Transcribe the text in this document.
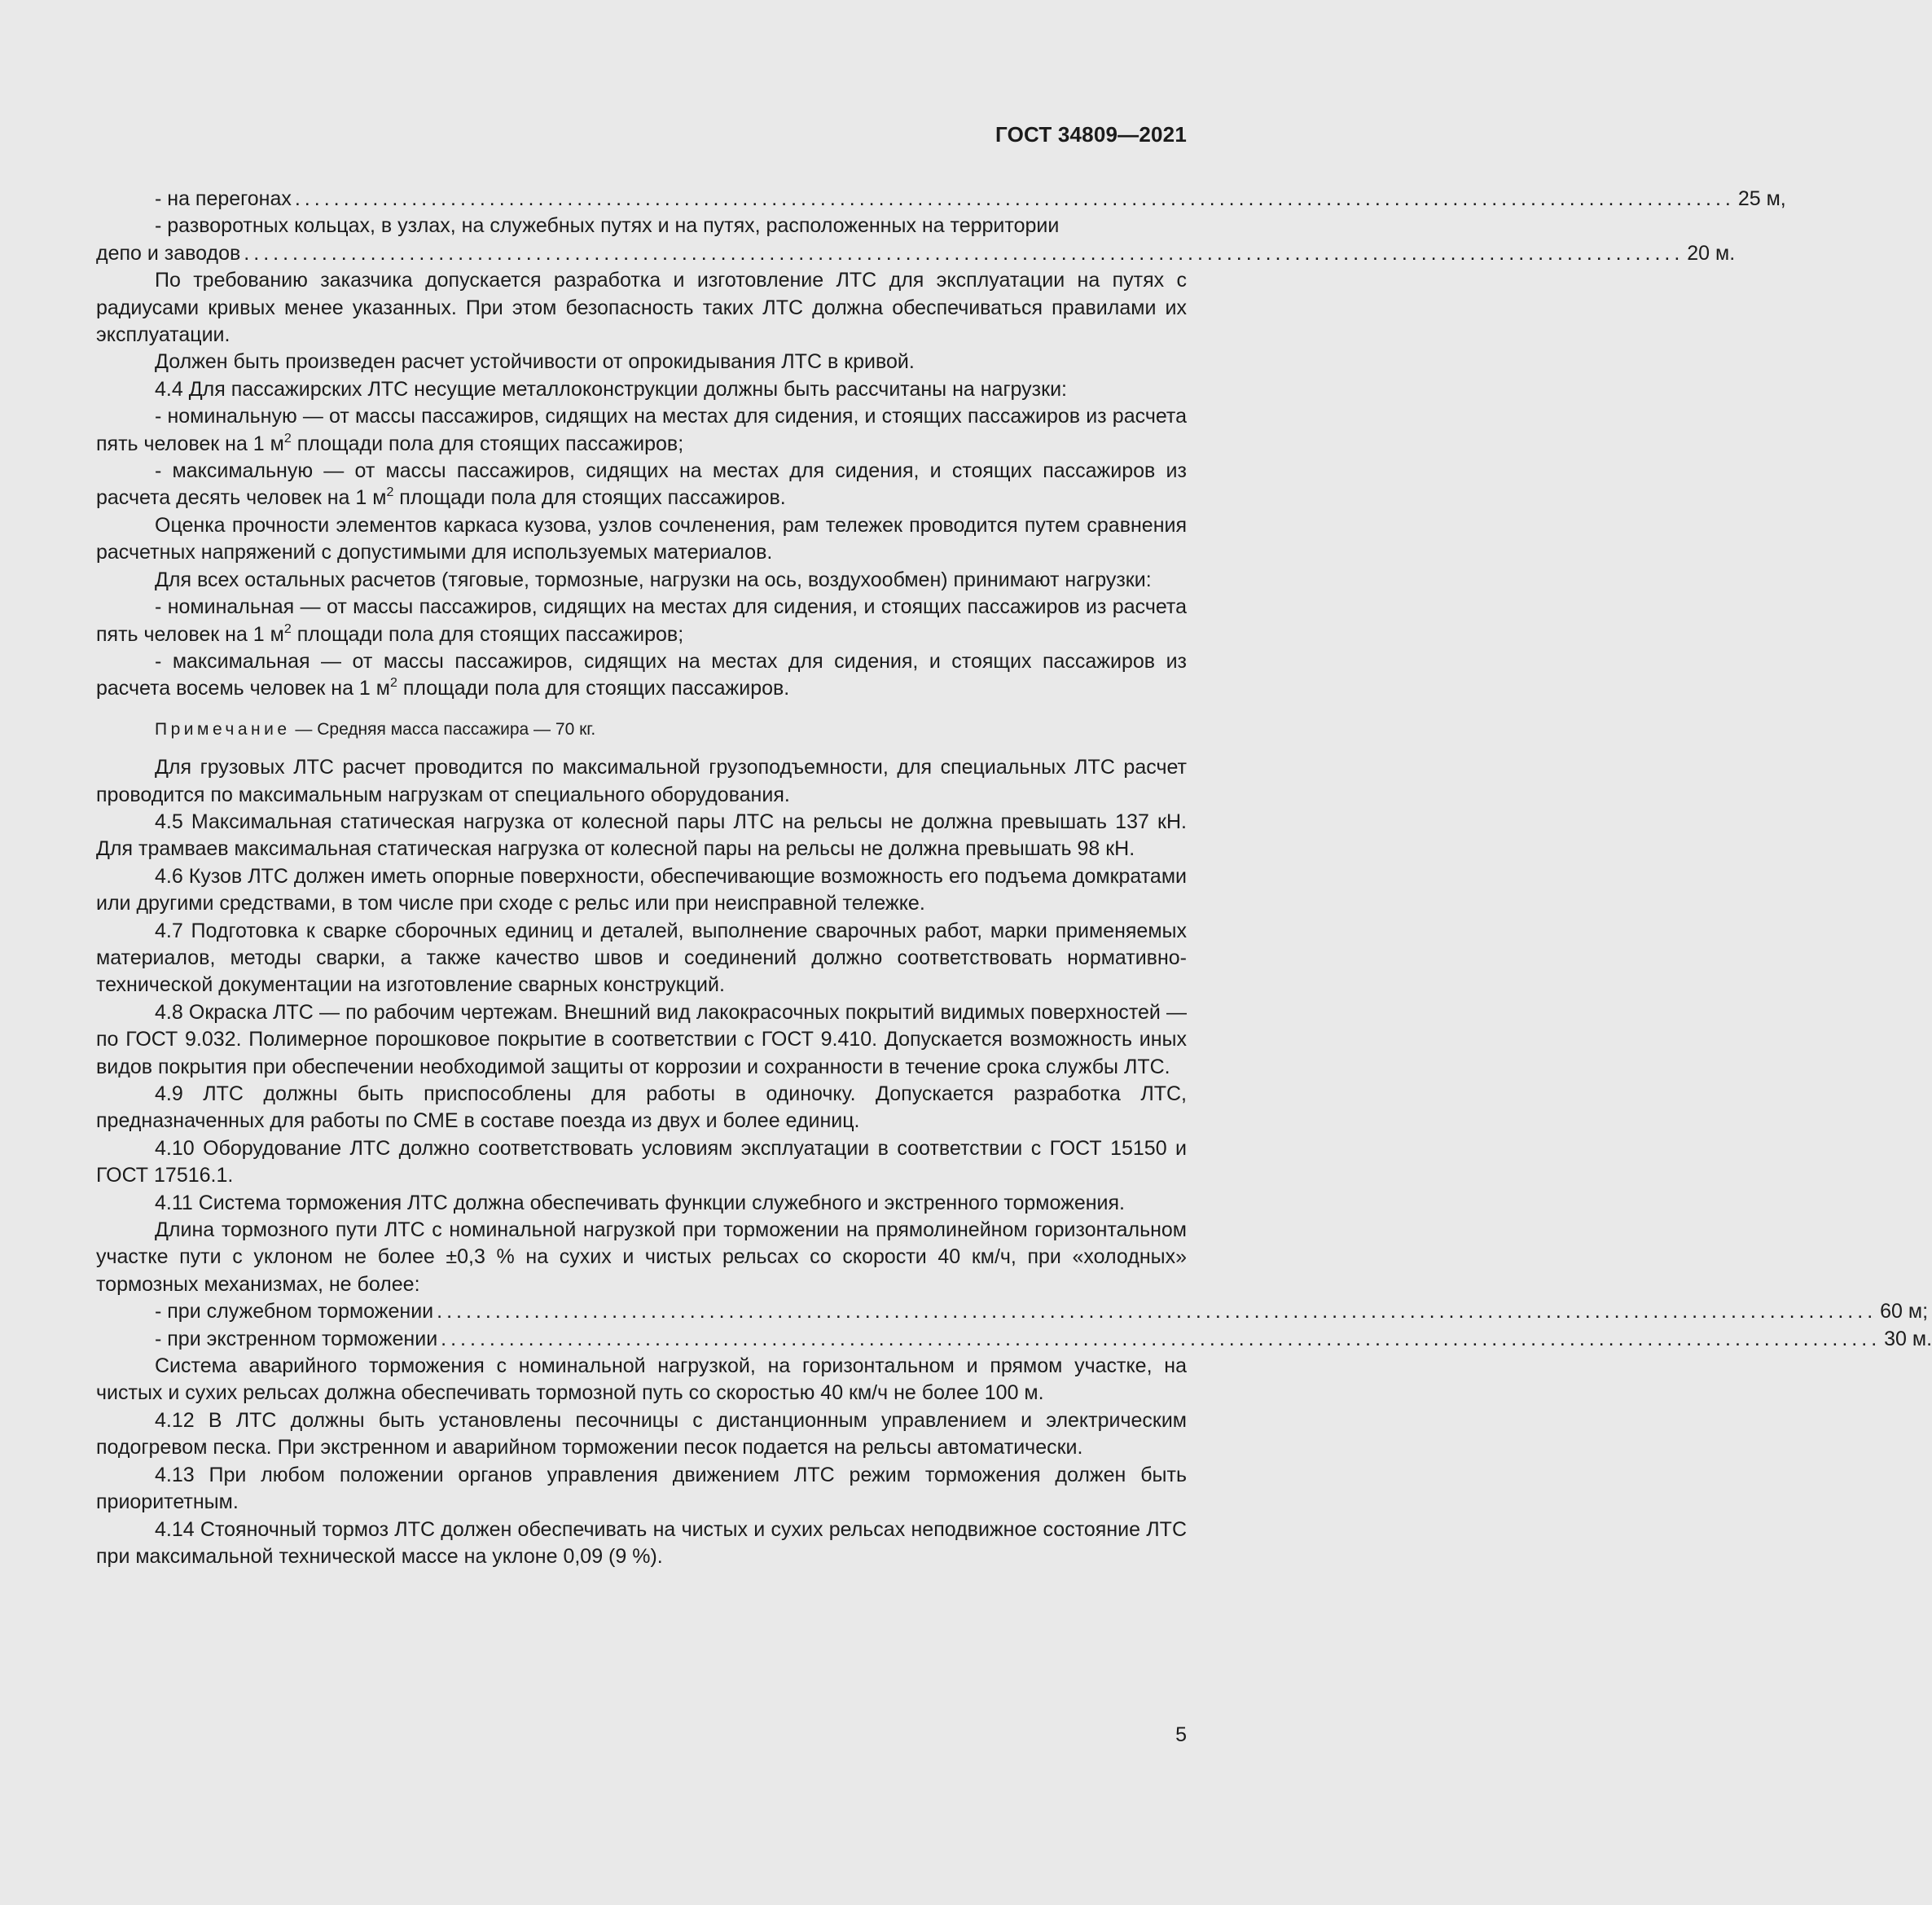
ГОСТ 34809—2021
- на перегонах .................................................................................................................................................... 25 м,

- разворотных кольцах, в узлах, на служебных путях и на путях, расположенных на территории

депо и заводов .................................................................................................................................................... 20 м.

По требованию заказчика допускается разработка и изготовление ЛТС для эксплуатации на путях с радиусами кривых менее указанных. При этом безопасность таких ЛТС должна обеспечиваться правилами их эксплуатации.

Должен быть произведен расчет устойчивости от опрокидывания ЛТС в кривой.

4.4 Для пассажирских ЛТС несущие металлоконструкции должны быть рассчитаны на нагрузки:

- номинальную — от массы пассажиров, сидящих на местах для сидения, и стоящих пассажиров из расчета пять человек на 1 $м^2$ площади пола для стоящих пассажиров;

- максимальную — от массы пассажиров, сидящих на местах для сидения, и стоящих пассажиров из расчета десять человек на 1 $м^2$ площади пола для стоящих пассажиров.

Оценка прочности элементов каркаса кузова, узлов сочленения, рам тележек проводится путем сравнения расчетных напряжений с допустимыми для используемых материалов.

Для всех остальных расчетов (тяговые, тормозные, нагрузки на ось, воздухообмен) принимают нагрузки:

- номинальная — от массы пассажиров, сидящих на местах для сидения, и стоящих пассажиров из расчета пять человек на 1 $м^2$ площади пола для стоящих пассажиров;

- максимальная — от массы пассажиров, сидящих на местах для сидения, и стоящих пассажиров из расчета восемь человек на 1 $м^2$ площади пола для стоящих пассажиров.

Примечание — Средняя масса пассажира — 70 кг.

Для грузовых ЛТС расчет проводится по максимальной грузоподъемности, для специальных ЛТС расчет проводится по максимальным нагрузкам от специального оборудования.

4.5 Максимальная статическая нагрузка от колесной пары ЛТС на рельсы не должна превышать 137 кН. Для трамваев максимальная статическая нагрузка от колесной пары на рельсы не должна превышать 98 кН.

4.6 Кузов ЛТС должен иметь опорные поверхности, обеспечивающие возможность его подъема домкратами или другими средствами, в том числе при сходе с рельс или при неисправной тележке.

4.7 Подготовка к сварке сборочных единиц и деталей, выполнение сварочных работ, марки применяемых материалов, методы сварки, а также качество швов и соединений должно соответствовать нормативно-технической документации на изготовление сварных конструкций.

4.8 Окраска ЛТС — по рабочим чертежам. Внешний вид лакокрасочных покрытий видимых поверхностей — по ГОСТ 9.032. Полимерное порошковое покрытие в соответствии с ГОСТ 9.410. Допускается возможность иных видов покрытия при обеспечении необходимой защиты от коррозии и сохранности в течение срока службы ЛТС.

4.9 ЛТС должны быть приспособлены для работы в одиночку. Допускается разработка ЛТС, предназначенных для работы по СМЕ в составе поезда из двух и более единиц.

4.10 Оборудование ЛТС должно соответствовать условиям эксплуатации в соответствии с ГОСТ 15150 и ГОСТ 17516.1.

4.11 Система торможения ЛТС должна обеспечивать функции служебного и экстренного торможения.

Длина тормозного пути ЛТС с номинальной нагрузкой при торможении на прямолинейном горизонтальном участке пути с уклоном не более ±0,3 % на сухих и чистых рельсах со скорости 40 км/ч, при «холодных» тормозных механизмах, не более:

- при служебном торможении .................................................................................................................................................... 60 м;
- при экстренном торможении .................................................................................................................................................... 30 м.

Система аварийного торможения с номинальной нагрузкой, на горизонтальном и прямом участке, на чистых и сухих рельсах должна обеспечивать тормозной путь со скоростью 40 км/ч не более 100 м.

4.12 В ЛТС должны быть установлены песочницы с дистанционным управлением и электрическим подогревом песка. При экстренном и аварийном торможении песок подается на рельсы автоматически.

4.13 При любом положении органов управления движением ЛТС режим торможения должен быть приоритетным.

4.14 Стояночный тормоз ЛТС должен обеспечивать на чистых и сухих рельсах неподвижное состояние ЛТС при максимальной технической массе на уклоне 0,09 (9 %).

5
